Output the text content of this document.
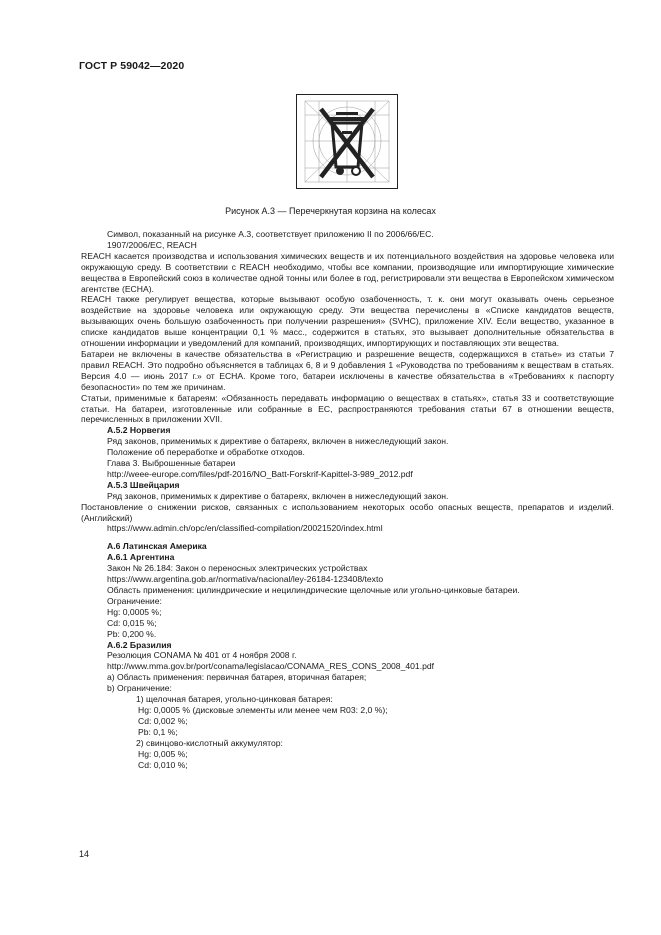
ГОСТ Р 59042—2020
Рисунок А.3 — Перечеркнутая корзина на колесах
Символ, показанный на рисунке А.3, соответствует приложению II по 2006/66/ЕС.
1907/2006/ЕС, REACH
REACH касается производства и использования химических веществ и их потенциального воздействия на здоровье человека или окружающую среду. В соответствии с REACH необходимо, чтобы все компании, производящие или импортирующие химические вещества в Европейский союз в количестве одной тонны или более в год, регистрировали эти вещества в Европейском химическом агентстве (ECHA).
REACH также регулирует вещества, которые вызывают особую озабоченность, т. к. они могут оказывать очень серьезное воздействие на здоровье человека или окружающую среду. Эти вещества перечислены в «Списке кандидатов веществ, вызывающих очень большую озабоченность при получении разрешения» (SVHC), приложение XIV. Если вещество, указанное в списке кандидатов выше концентрации 0,1 % масс., содержится в статьях, это вызывает дополнительные обязательства в отношении информации и уведомлений для компаний, производящих, импортирующих и поставляющих эти вещества.
Батареи не включены в качестве обязательства в «Регистрацию и разрешение веществ, содержащихся в статье» из статьи 7 правил REACH. Это подробно объясняется в таблицах 6, 8 и 9 добавления 1 «Руководства по требованиям к веществам в статьях. Версия 4.0 — июнь 2017 г.» от ECHA. Кроме того, батареи исключены в качестве обязательства в «Требованиях к паспорту безопасности» по тем же причинам.
Статьи, применимые к батареям: «Обязанность передавать информацию о веществах в статьях», статья 33 и соответствующие статьи. На батареи, изготовленные или собранные в ЕС, распространяются требования статьи 67 в отношении веществ, перечисленных в приложении XVII.
А.5.2 Норвегия
Ряд законов, применимых к директиве о батареях, включен в нижеследующий закон.
Положение об переработке и обработке отходов.
Глава 3. Выброшенные батареи
http://weee-europe.com/files/pdf-2016/NO_Batt-Forskrif-Kapittel-3-989_2012.pdf
А.5.3 Швейцария
Ряд законов, применимых к директиве о батареях, включен в нижеследующий закон.
Постановление о снижении рисков, связанных с использованием некоторых особо опасных веществ, препаратов и изделий. (Английский)
https://www.admin.ch/opc/en/classified-compilation/20021520/index.html
А.6 Латинская Америка
А.6.1 Аргентина
Закон № 26.184: Закон о переносных электрических устройствах
https://www.argentina.gob.ar/normativa/nacional/ley-26184-123408/texto
Область применения: цилиндрические и нецилиндрические щелочные или угольно-цинковые батареи.
Ограничение:
Hg: 0,0005 %;
Cd: 0,015 %;
Pb: 0,200 %.
А.6.2 Бразилия
Резолюция CONAMA № 401 от 4 ноября 2008 г.
http://www.mma.gov.br/port/conama/legislacao/CONAMA_RES_CONS_2008_401.pdf
a) Область применения: первичная батарея, вторичная батарея;
b) Ограничение:
1) щелочная батарея, угольно-цинковая батарея:
Hg: 0,0005 % (дисковые элементы или менее чем R03: 2,0 %);
Cd: 0,002 %;
Pb: 0,1 %;
2) свинцово-кислотный аккумулятор:
Hg: 0,005 %;
Cd: 0,010 %;
14
